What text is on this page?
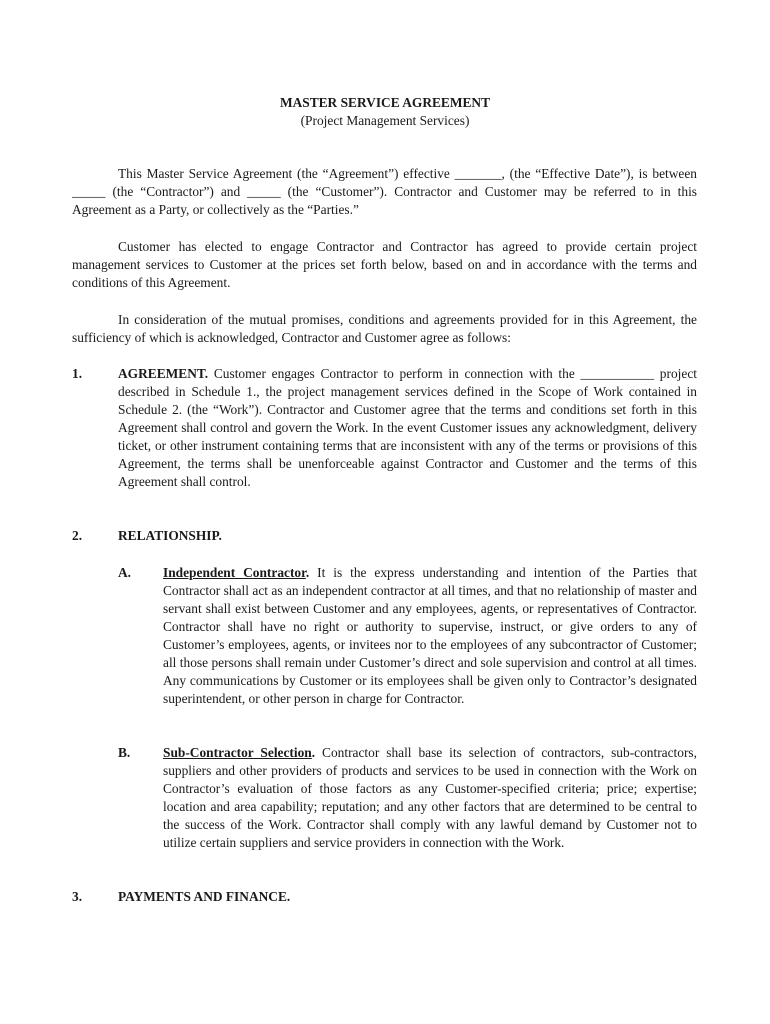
MASTER SERVICE AGREEMENT
(Project Management Services)
This Master Service Agreement (the “Agreement”) effective _______, (the “Effective Date”), is between _____ (the “Contractor”) and _____ (the “Customer”). Contractor and Customer may be referred to in this Agreement as a Party, or collectively as the “Parties.”
Customer has elected to engage Contractor and Contractor has agreed to provide certain project management services to Customer at the prices set forth below, based on and in accordance with the terms and conditions of this Agreement.
In consideration of the mutual promises, conditions and agreements provided for in this Agreement, the sufficiency of which is acknowledged, Contractor and Customer agree as follows:
1.	AGREEMENT. Customer engages Contractor to perform in connection with the ___________ project described in Schedule 1., the project management services defined in the Scope of Work contained in Schedule 2. (the “Work”). Contractor and Customer agree that the terms and conditions set forth in this Agreement shall control and govern the Work. In the event Customer issues any acknowledgment, delivery ticket, or other instrument containing terms that are inconsistent with any of the terms or provisions of this Agreement, the terms shall be unenforceable against Contractor and Customer and the terms of this Agreement shall control.
2.	RELATIONSHIP.
A. Independent Contractor. It is the express understanding and intention of the Parties that Contractor shall act as an independent contractor at all times, and that no relationship of master and servant shall exist between Customer and any employees, agents, or representatives of Contractor. Contractor shall have no right or authority to supervise, instruct, or give orders to any of Customer’s employees, agents, or invitees nor to the employees of any subcontractor of Customer; all those persons shall remain under Customer’s direct and sole supervision and control at all times. Any communications by Customer or its employees shall be given only to Contractor’s designated superintendent, or other person in charge for Contractor.
B. Sub-Contractor Selection. Contractor shall base its selection of contractors, sub-contractors, suppliers and other providers of products and services to be used in connection with the Work on Contractor’s evaluation of those factors as any Customer-specified criteria; price; expertise; location and area capability; reputation; and any other factors that are determined to be central to the success of the Work. Contractor shall comply with any lawful demand by Customer not to utilize certain suppliers and service providers in connection with the Work.
3.	PAYMENTS AND FINANCE.
